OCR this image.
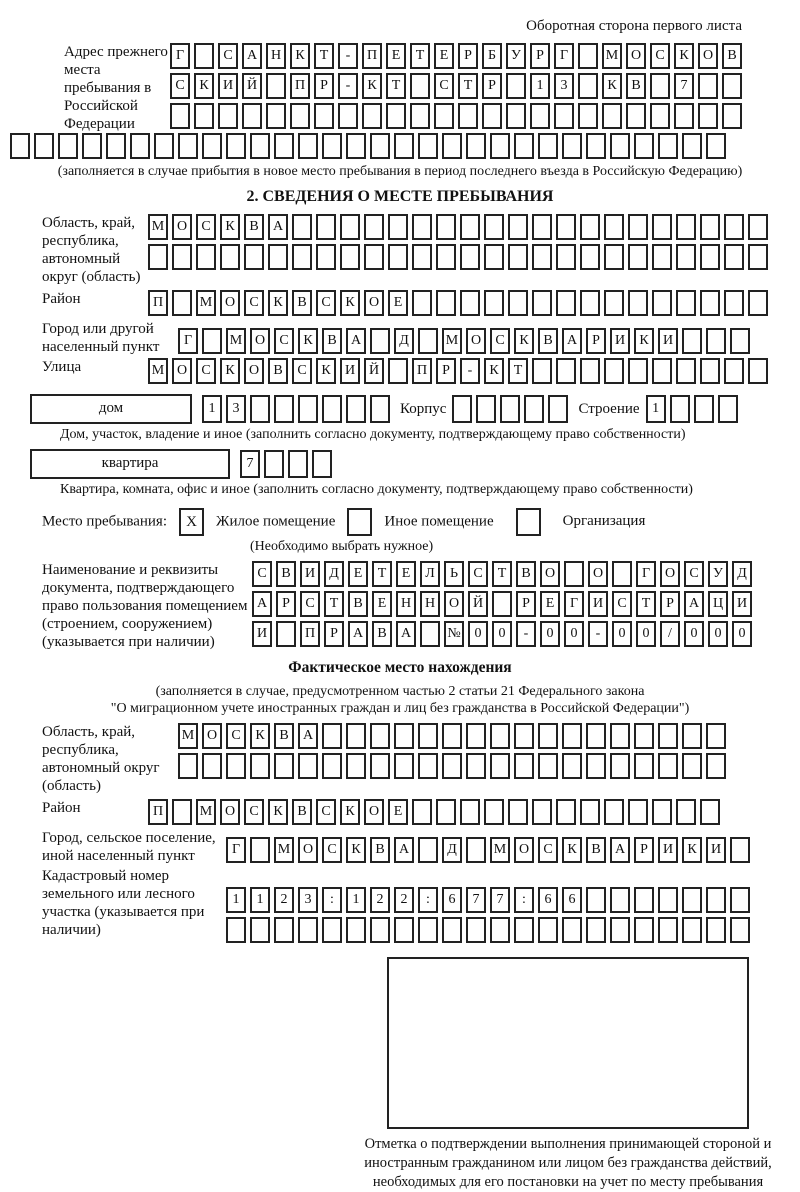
Оборотная сторона первого листа
Адрес прежнего места пребывания в Российской Федерации
Г	С А Н К Т - П Е Т Е Р Б У Р Г	М О С К О В
С К И Й	П Р - К Т	С Т Р	1 3	К В	7
(заполняется в случае прибытия в новое место пребывания в период последнего въезда в Российскую Федерацию)
2. СВЕДЕНИЯ О МЕСТЕ ПРЕБЫВАНИЯ
Область, край, республика, автономный округ (область)
М О С К В А
Район	П	М О С К В С К О Е
Город или другой населенный пункт	Г	М О С К В А	Д	М О С К В А Р И К И
Улица	М О С К О В С К И Й	П Р - К Т
дом	1 3	Корпус	Строение 1
Дом, участок, владение и иное (заполнить согласно документу, подтверждающему право собственности)
квартира	7
Квартира, комната, офис и иное (заполнить согласно документу, подтверждающему право собственности)
Место пребывания: X Жилое помещение	Иное помещение	Организация
(Необходимо выбрать нужное)
Наименование и реквизиты документа, подтверждающего право пользования помещением (строением, сооружением) (указывается при наличии)
С В И Д Е Т Е Л Ь С Т В О	О	Г О С У Д
А Р С Т В Е Н Н О Й	Р Е Г И С Т Р А Ц И
И	П Р А В А	№ 0 0 - 0 0 - 0 0 / 0 0 0
Фактическое место нахождения
(заполняется в случае, предусмотренном частью 2 статьи 21 Федерального закона
"О миграционном учете иностранных граждан и лиц без гражданства в Российской Федерации")
Область, край, республика, автономный округ (область)
М О С К В А
Район	П	М О С К В С К О Е
Город, сельское поселение, иной населенный пункт	Г	М О С К В А	Д	М О С К В А Р И К И
Кадастровый номер земельного или лесного участка (указывается при наличии)
1 1 2 3 : 1 2 2 : 6 7 7 : 6 6
Отметка о подтверждении выполнения принимающей стороной и иностранным гражданином или лицом без гражданства действий, необходимых для его постановки на учет по месту пребывания
